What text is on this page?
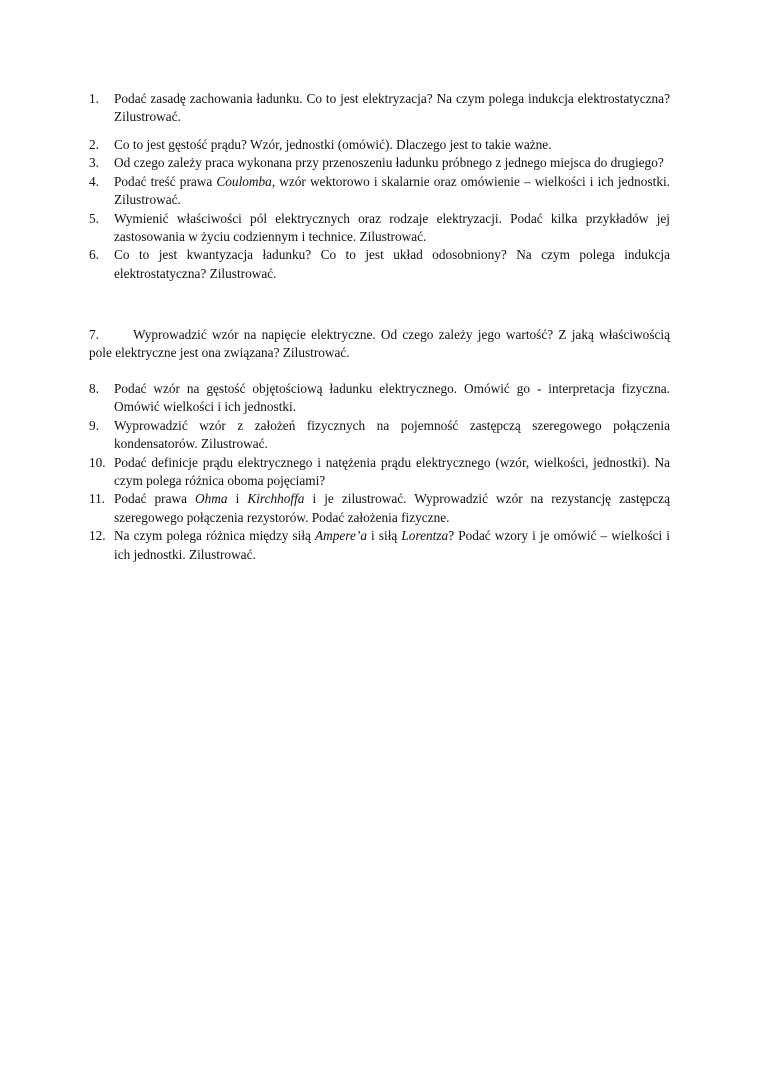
1.	Podać zasadę zachowania ładunku. Co to jest elektryzacja? Na czym polega indukcja elektrostatyczna? Zilustrować.
2.	Co to jest gęstość prądu? Wzór, jednostki (omówić). Dlaczego jest to takie ważne.
3.	Od czego zależy praca wykonana przy przenoszeniu ładunku próbnego z jednego miejsca do drugiego?
4.	Podać treść prawa Coulomba, wzór wektorowo i skalarnie oraz omówienie – wielkości i ich jednostki. Zilustrować.
5.	Wymienić właściwości pól elektrycznych oraz rodzaje elektryzacji. Podać kilka przykładów jej zastosowania w życiu codziennym i technice. Zilustrować.
6.	Co to jest kwantyzacja ładunku? Co to jest układ odosobniony? Na czym polega indukcja elektrostatyczna? Zilustrować.

7.	Wyprowadzić wzór na napięcie elektryczne. Od czego zależy jego wartość? Z jaką właściwością pole elektryczne jest ona związana? Zilustrować.

8.	Podać wzór na gęstość objętościową ładunku elektrycznego. Omówić go - interpretacja fizyczna. Omówić wielkości i ich jednostki.
9.	Wyprowadzić wzór z założeń fizycznych na pojemność zastępczą szeregowego połączenia kondensatorów. Zilustrować.
10. Podać definicje prądu elektrycznego i natężenia prądu elektrycznego (wzór, wielkości, jednostki). Na czym polega różnica oboma pojęciami?
11. Podać prawa Ohma i Kirchhoffa i je zilustrować. Wyprowadzić wzór na rezystancję zastępczą szeregowego połączenia rezystorów. Podać założenia fizyczne.
12. Na czym polega różnica między siłą Ampere’a i siłą Lorentza? Podać wzory i je omówić – wielkości i ich jednostki. Zilustrować.
